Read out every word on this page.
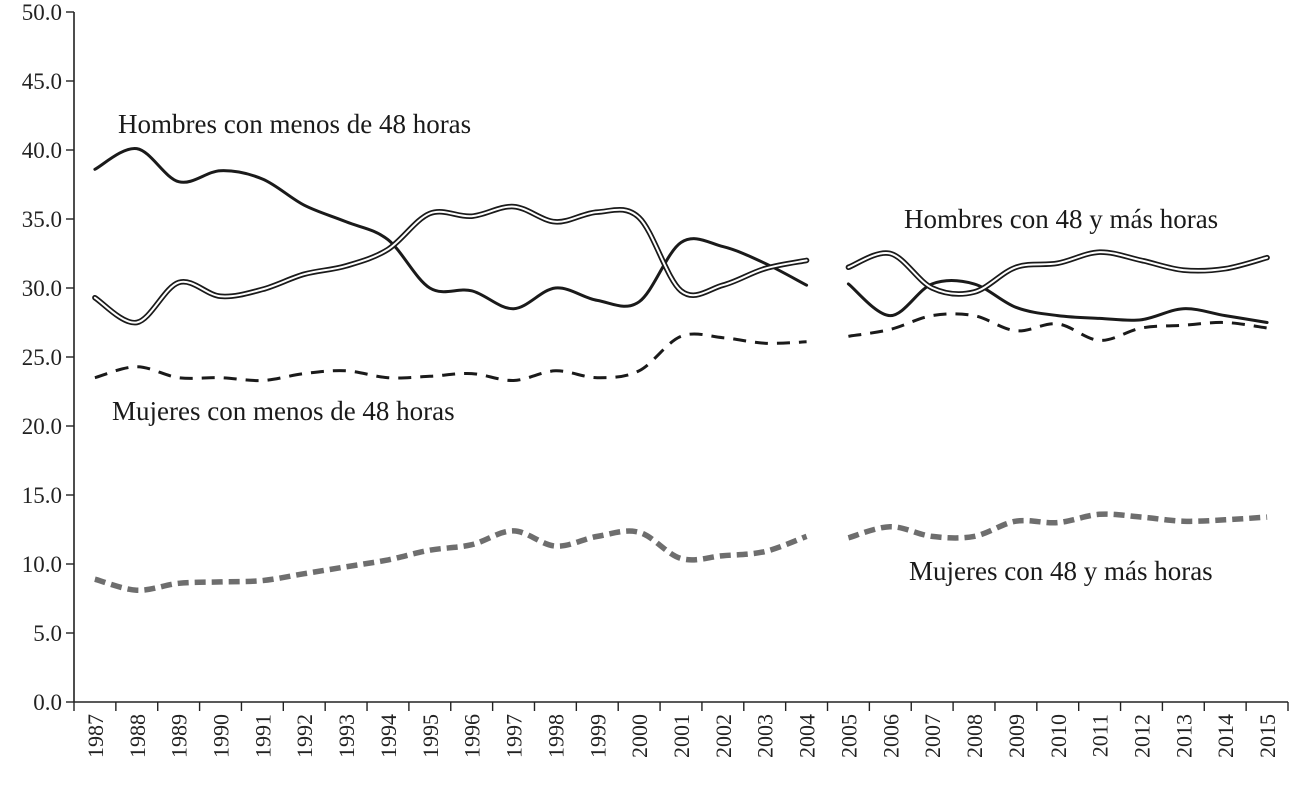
0.0
5.0
10.0
15.0
20.0
25.0
30.0
35.0
40.0
45.0
50.0
1987 1988 1989 1990 1991 1992 1993 1994 1995 1996 1997 1998 1999 2000 2001 2002 2003 2004 2005 2006 2007 2008 2009 2010 2011 2012 2013 2014 2015
Hombres con menos de 48 horas
Hombres con 48 y más horas
Mujeres con menos de 48 horas
Mujeres con 48 y más horas
